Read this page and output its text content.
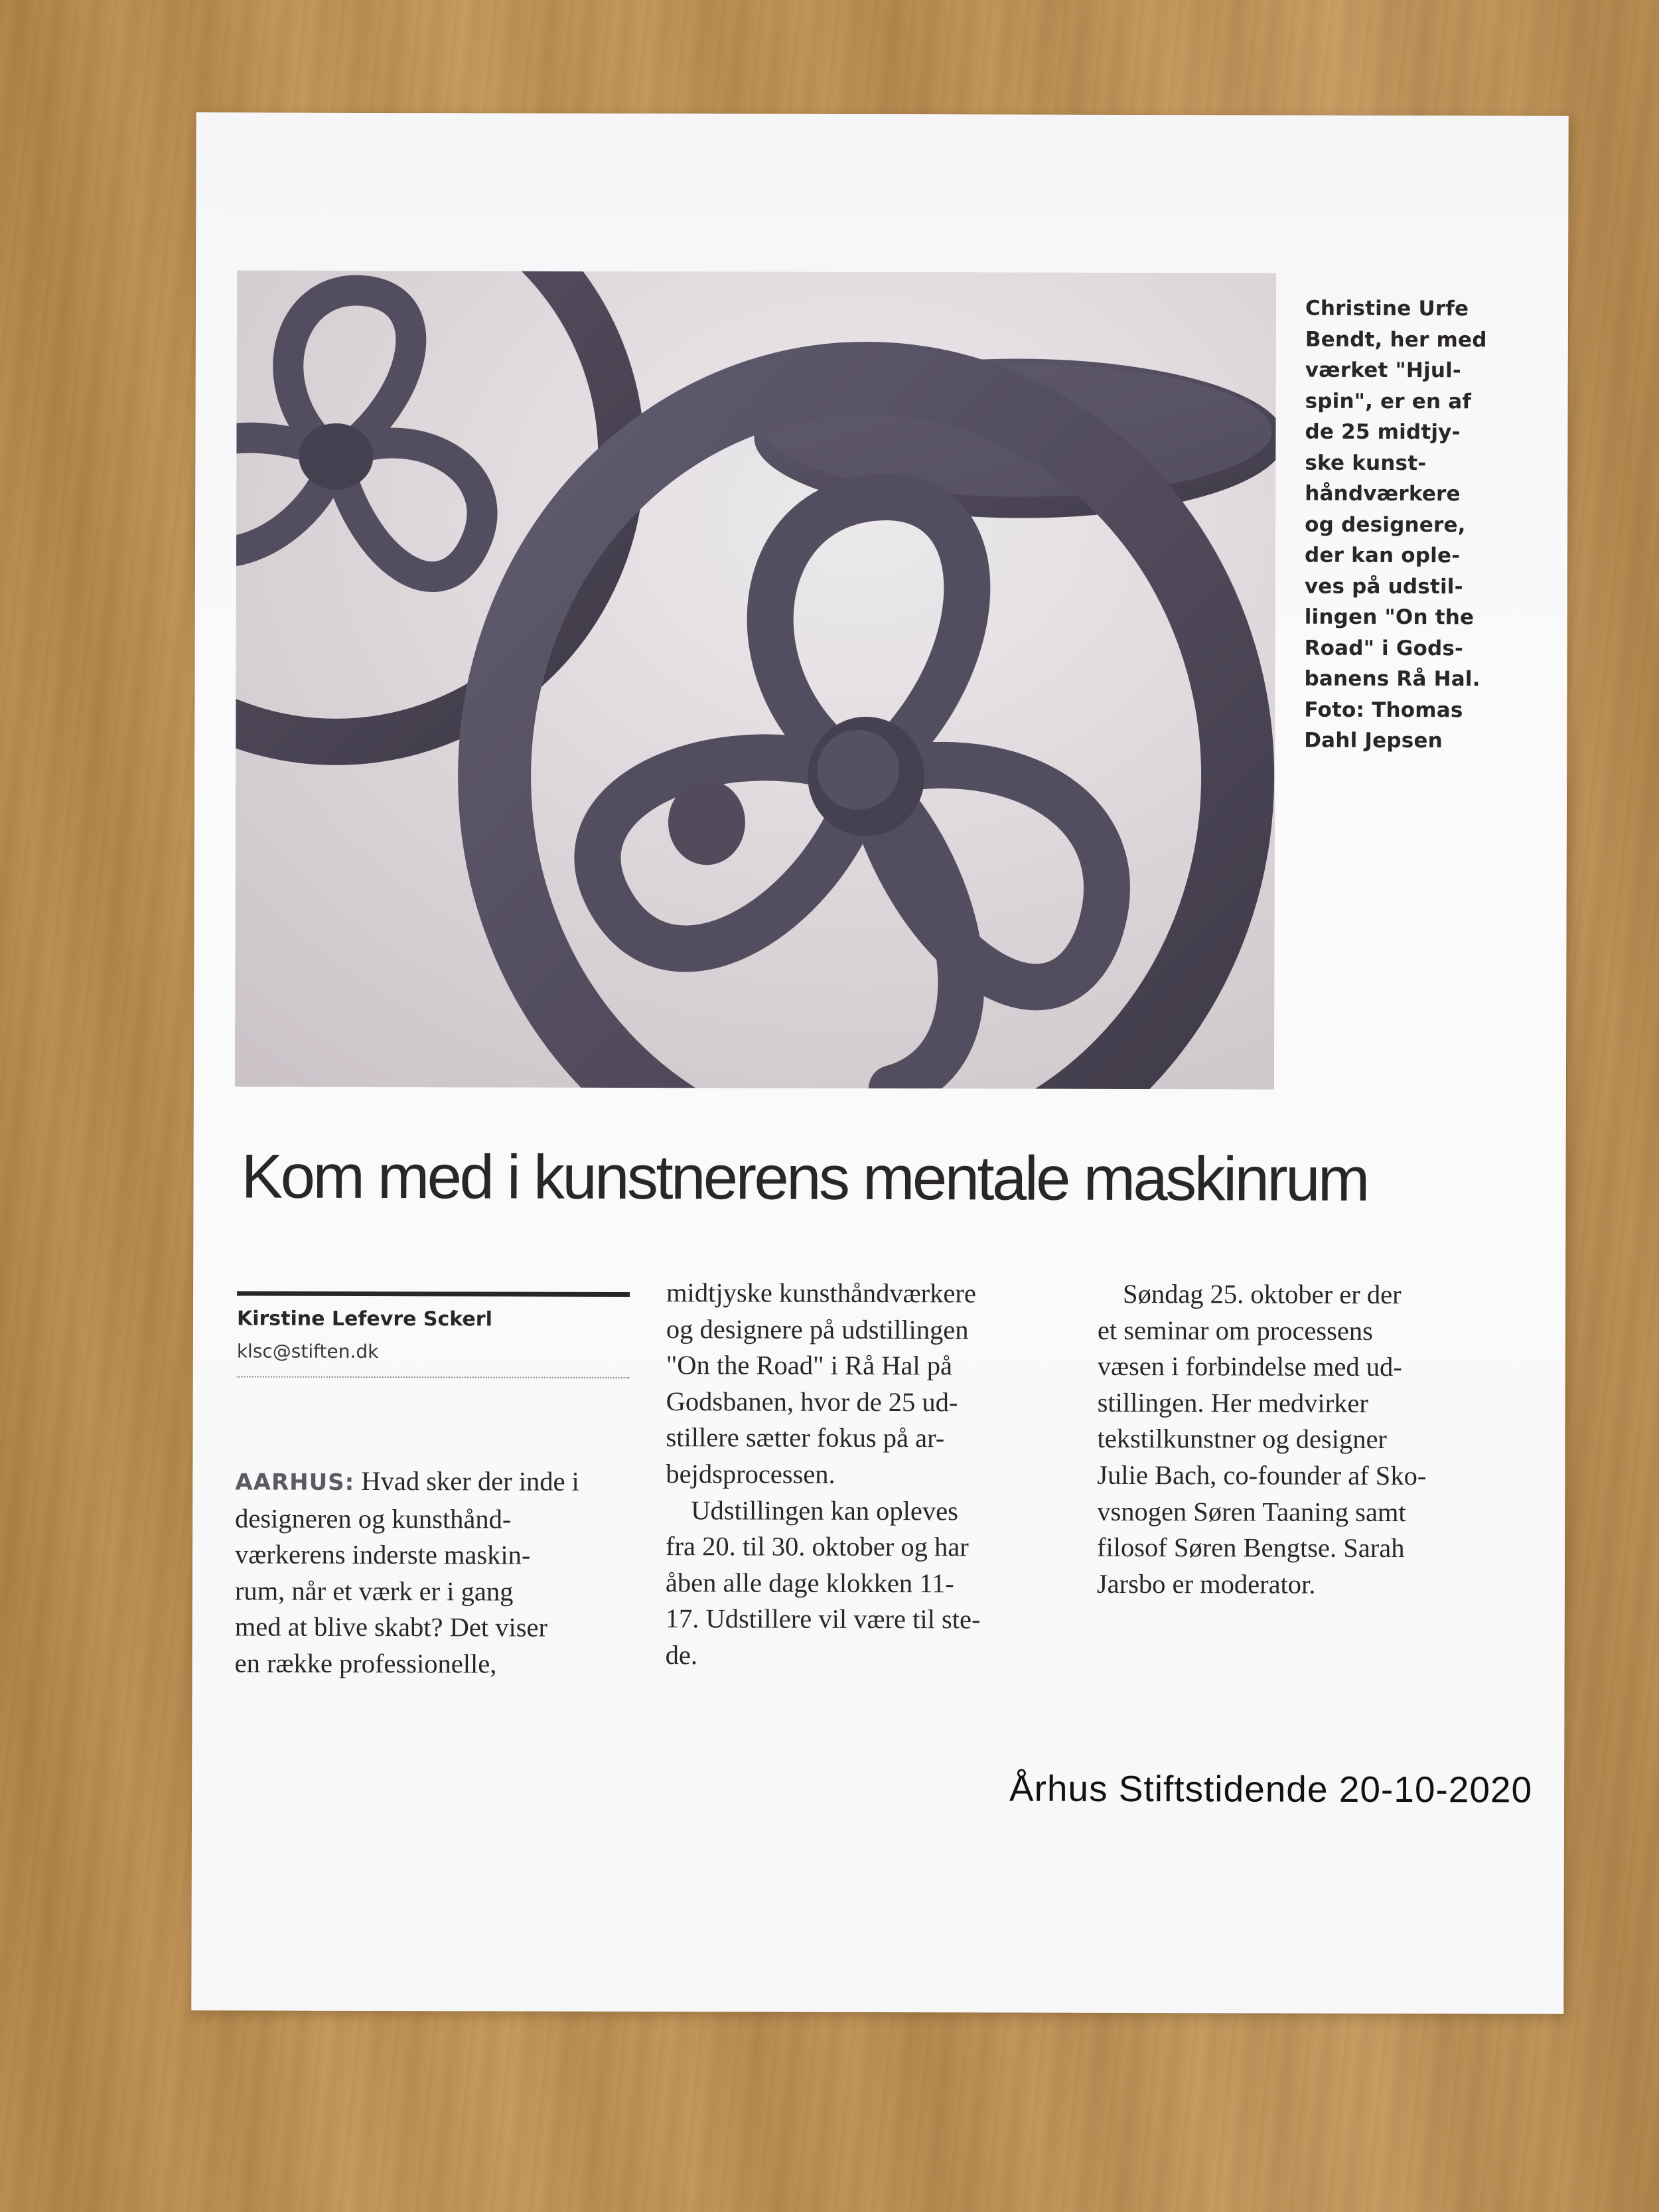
Christine Urfe
Bendt, her med
værket "Hjul-
spin", er en af
de 25 midtjy-
ske kunst-
håndværkere
og designere,
der kan ople-
ves på udstil-
lingen "On the
Road" i Gods-
banens Rå Hal.
Foto: Thomas
Dahl Jepsen
Kom med i kunstnerens mentale maskinrum
Kirstine Lefevre Sckerl
klsc@stiften.dk
AARHUS: Hvad sker der inde i
designeren og kunsthånd-
værkerens inderste maskin-
rum, når et værk er i gang
med at blive skabt? Det viser
en række professionelle,
midtjyske kunsthåndværkere
og designere på udstillingen
"On the Road" i Rå Hal på
Godsbanen, hvor de 25 ud-
stillere sætter fokus på ar-
bejdsprocessen.
Udstillingen kan opleves
fra 20. til 30. oktober og har
åben alle dage klokken 11-
17. Udstillere vil være til ste-
de.
Søndag 25. oktober er der
et seminar om processens
væsen i forbindelse med ud-
stillingen. Her medvirker
tekstilkunstner og designer
Julie Bach, co-founder af Sko-
vsnogen Søren Taaning samt
filosof Søren Bengtse. Sarah
Jarsbo er moderator.
Århus Stiftstidende 20-10-2020
